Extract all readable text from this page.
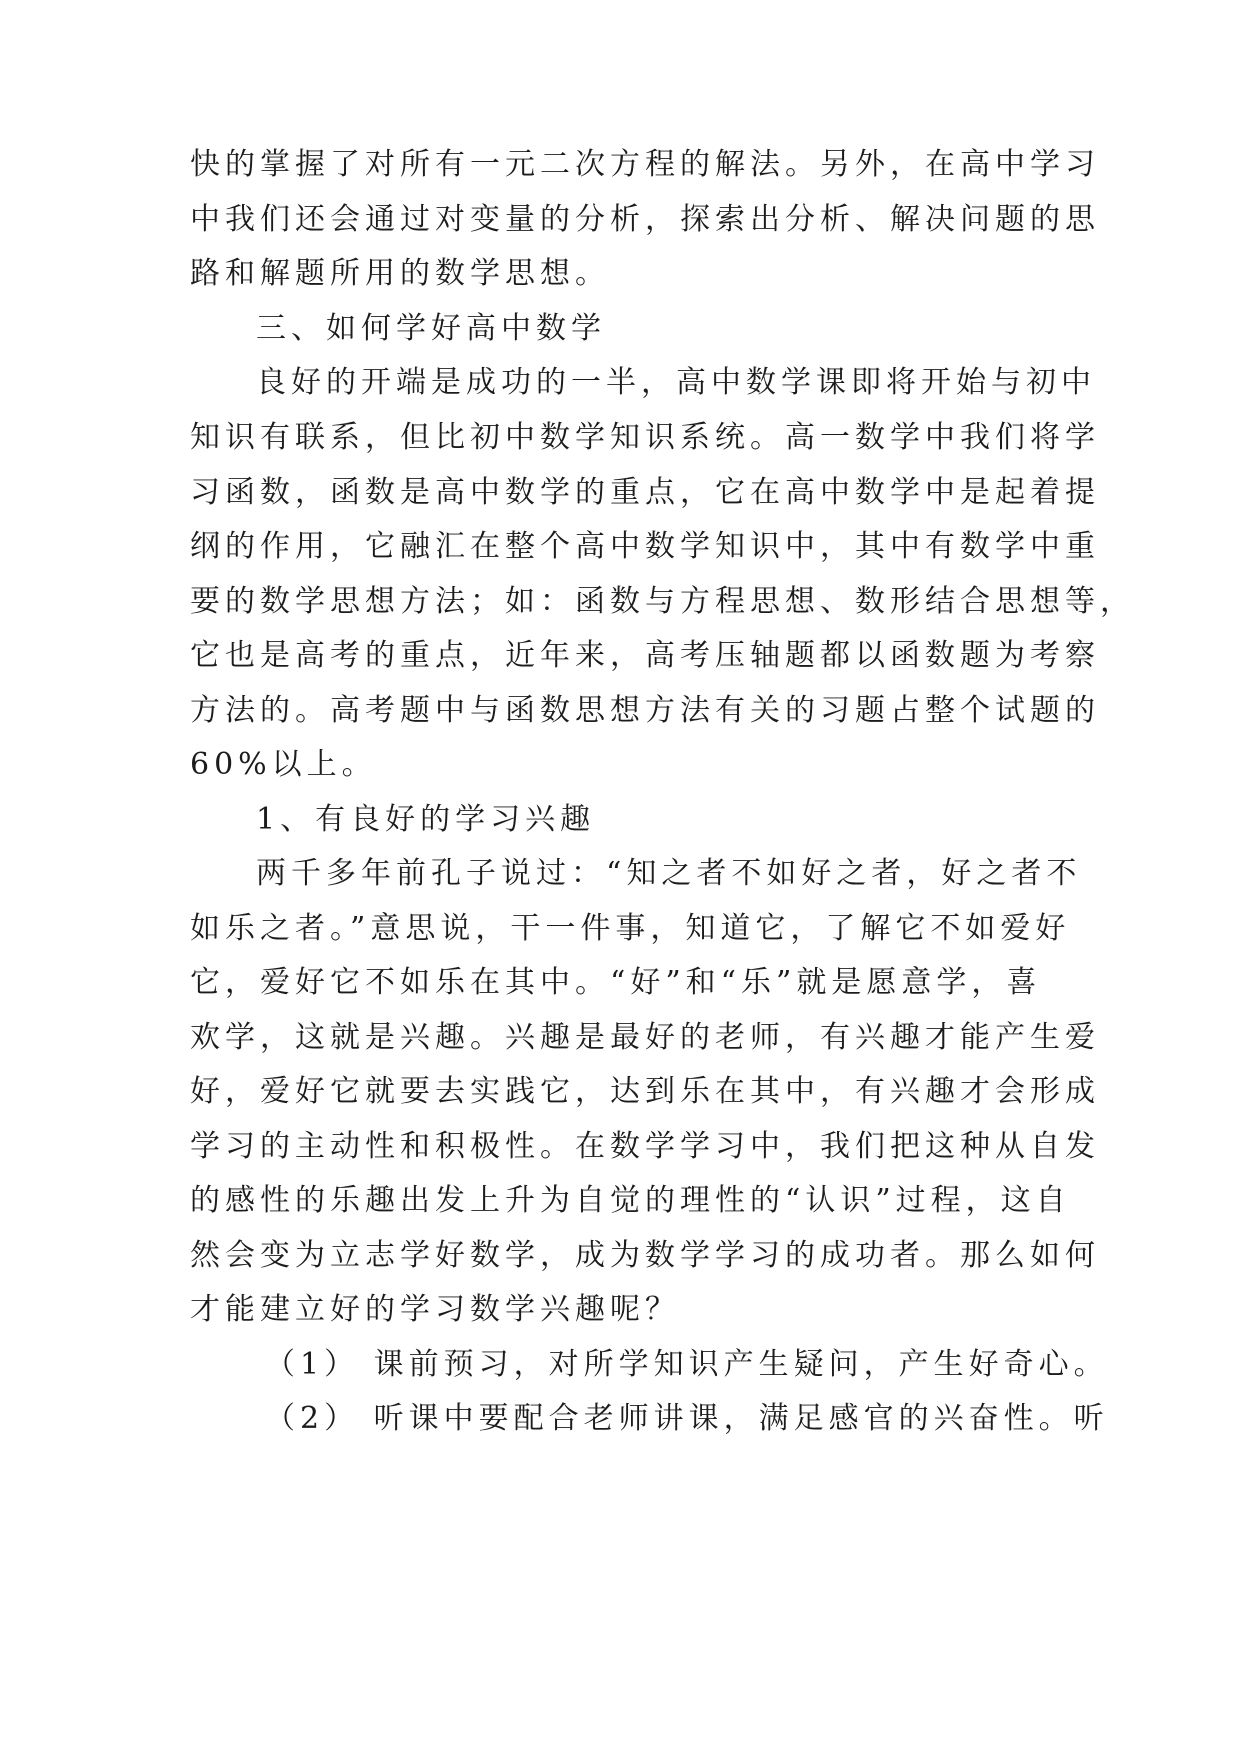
快的掌握了对所有一元二次方程的解法。另外，在高中学习
中我们还会通过对变量的分析，探索出分析、解决问题的思
路和解题所用的数学思想。
三、如何学好高中数学
良好的开端是成功的一半，高中数学课即将开始与初中
知识有联系，但比初中数学知识系统。高一数学中我们将学
习函数，函数是高中数学的重点，它在高中数学中是起着提
纲的作用，它融汇在整个高中数学知识中，其中有数学中重
要的数学思想方法；如：函数与方程思想、数形结合思想等，
它也是高考的重点，近年来，高考压轴题都以函数题为考察
方法的。高考题中与函数思想方法有关的习题占整个试题的
60%以上。
1、有良好的学习兴趣
两千多年前孔子说过：“知之者不如好之者，好之者不
如乐之者。”意思说，干一件事，知道它，了解它不如爱好
它，爱好它不如乐在其中。“好”和“乐”就是愿意学，喜
欢学，这就是兴趣。兴趣是最好的老师，有兴趣才能产生爱
好，爱好它就要去实践它，达到乐在其中，有兴趣才会形成
学习的主动性和积极性。在数学学习中，我们把这种从自发
的感性的乐趣出发上升为自觉的理性的“认识”过程，这自
然会变为立志学好数学，成为数学学习的成功者。那么如何
才能建立好的学习数学兴趣呢？
（1） 课前预习，对所学知识产生疑问，产生好奇心。
（2） 听课中要配合老师讲课，满足感官的兴奋性。听
